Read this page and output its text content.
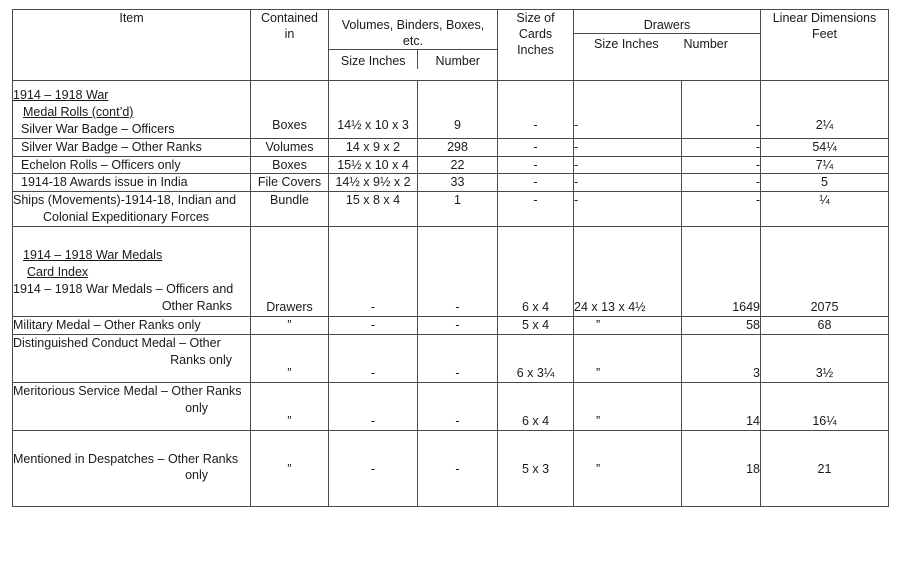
Item	Contained
in

Volumes, Binders, Boxes,
etc.
Size Inches	Number

Size of
Cards
Inches

Drawers
Size Inches	Number

Linear Dimensions
Feet

1914 – 1918 War
Medal Rolls (cont’d)
Silver War Badge – Officers	Boxes	14½ x 10 x 3	9	-	-	-	2¼

Silver War Badge – Other Ranks	Volumes	14 x 9 x 2	298	-	-	-	54¼

Echelon Rolls – Officers only	Boxes	15½ x 10 x 4	22	-	-	-	7¼

1914-18 Awards issue in India	File Covers	14½ x 9½ x 2	33	-	-	-	5

Ships (Movements)-1914-18, Indian and
Colonial Expeditionary Forces	Bundle	15 x 8 x 4	1	-	-	-	¼

1914 – 1918 War Medals
Card Index
1914 – 1918 War Medals – Officers and
Other Ranks	Drawers	-	-	6 x 4	24 x 13 x 4½	1649	2075

Military Medal – Other Ranks only	”	-	-	5 x 4	”	58	68

Distinguished Conduct Medal – Other
Ranks only	”	-	-	6 x 3¼	”	3	3½

Meritorious Service Medal – Other Ranks
only	”	-	-	6 x 4	”	14	16¼

Mentioned in Despatches – Other Ranks
only	”	-	-	5 x 3	”	18	21
